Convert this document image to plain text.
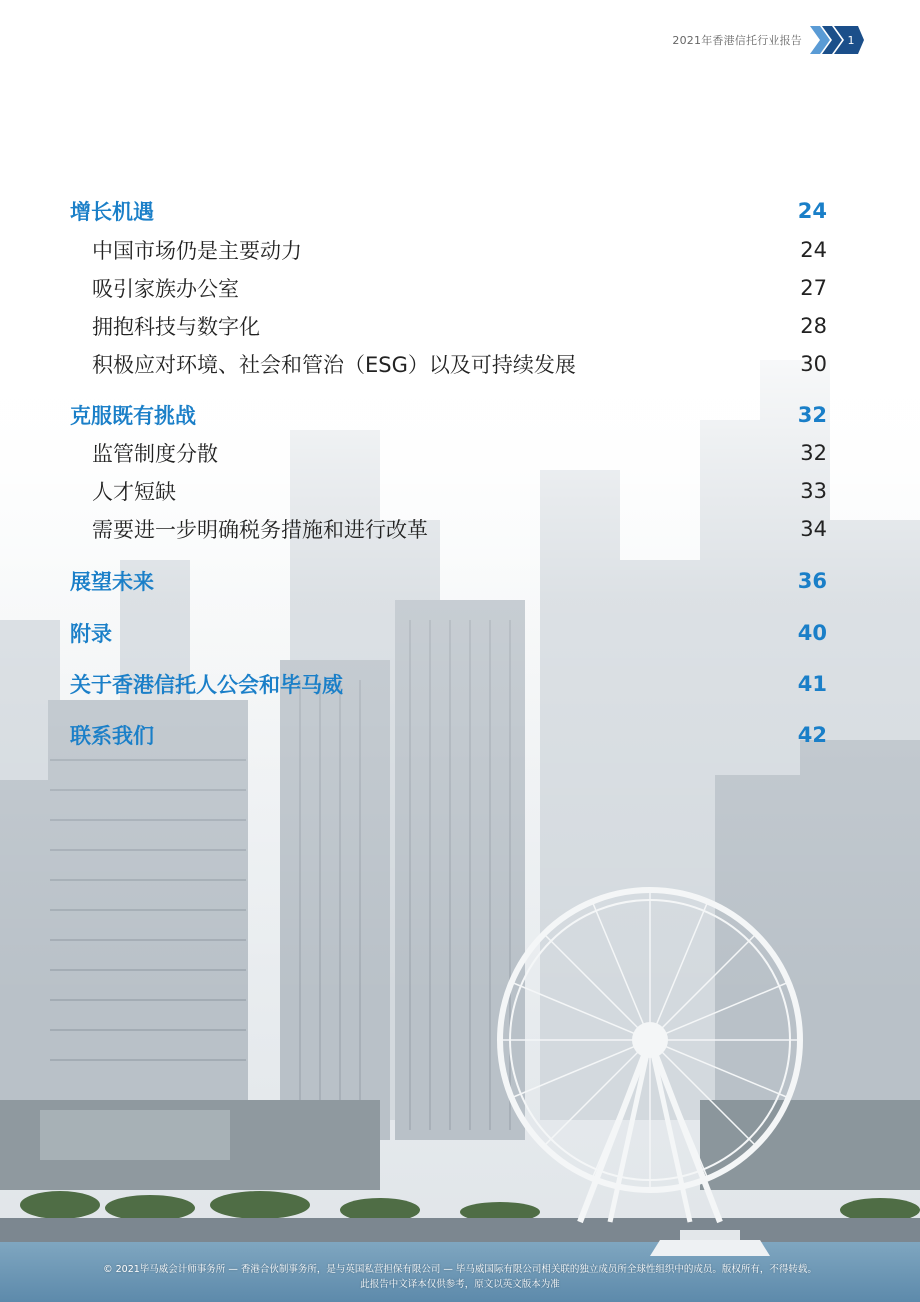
2021年香港信托行业报告	1
增长机遇	24
中国市场仍是主要动力	24
吸引家族办公室	27
拥抱科技与数字化	28
积极应对环境、社会和管治（ESG）以及可持续发展	30
克服既有挑战	32
监管制度分散	32
人才短缺	33
需要进一步明确税务措施和进行改革	34
展望未来	36
附录	40
关于香港信托人公会和毕马威	41
联系我们	42
© 2021毕马威会计师事务所 — 香港合伙制事务所，是与英国私营担保有限公司 — 毕马威国际有限公司相关联的独立成员所全球性组织中的成员。版权所有，不得转载。
此报告中文译本仅供参考，原文以英文版本为准
